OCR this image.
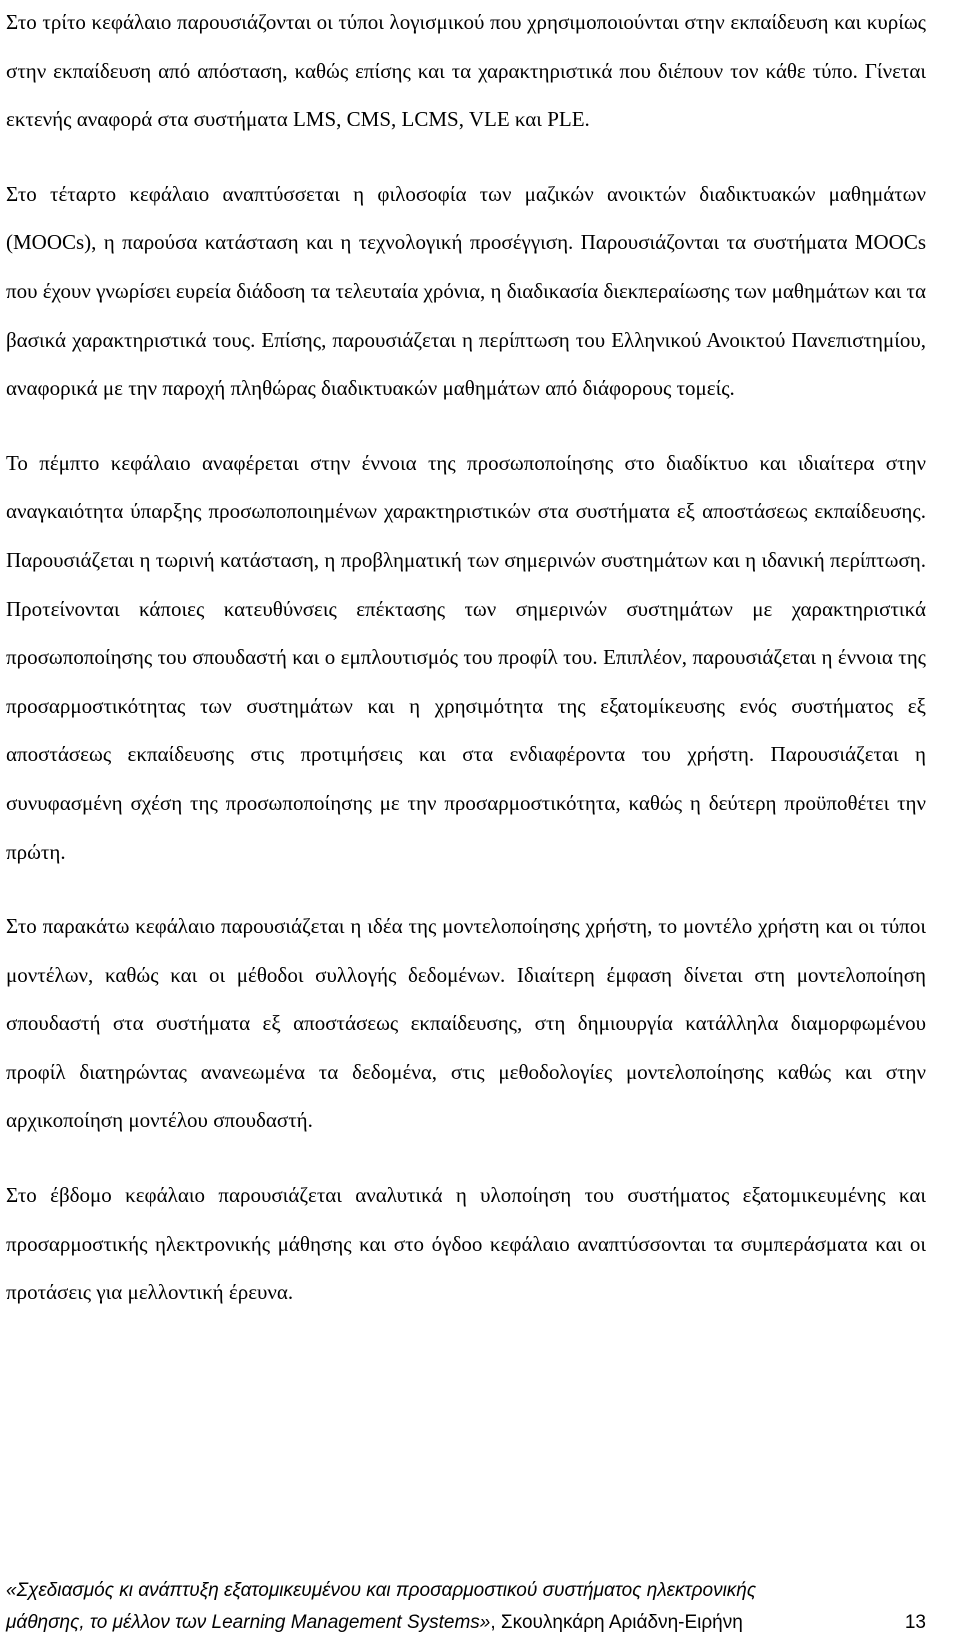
Στο τρίτο κεφάλαιο παρουσιάζονται οι τύποι λογισμικού που χρησιμοποιούνται στην εκπαίδευση και κυρίως στην εκπαίδευση από απόσταση, καθώς επίσης και τα χαρακτηριστικά που διέπουν τον κάθε τύπο. Γίνεται εκτενής αναφορά στα συστήματα LMS, CMS, LCMS, VLE και PLE.

Στο τέταρτο κεφάλαιο αναπτύσσεται η φιλοσοφία των μαζικών ανοικτών διαδικτυακών μαθημάτων (MOOCs), η παρούσα κατάσταση και η τεχνολογική προσέγγιση. Παρουσιάζονται τα συστήματα MOOCs που έχουν γνωρίσει ευρεία διάδοση τα τελευταία χρόνια, η διαδικασία διεκπεραίωσης των μαθημάτων και τα βασικά χαρακτηριστικά τους. Επίσης, παρουσιάζεται η περίπτωση του Ελληνικού Ανοικτού Πανεπιστημίου, αναφορικά με την παροχή πληθώρας διαδικτυακών μαθημάτων από διάφορους τομείς.

Το πέμπτο κεφάλαιο αναφέρεται στην έννοια της προσωποποίησης στο διαδίκτυο και ιδιαίτερα στην αναγκαιότητα ύπαρξης προσωποποιημένων χαρακτηριστικών στα συστήματα εξ αποστάσεως εκπαίδευσης. Παρουσιάζεται η τωρινή κατάσταση, η προβληματική των σημερινών συστημάτων και η ιδανική περίπτωση. Προτείνονται κάποιες κατευθύνσεις επέκτασης των σημερινών συστημάτων με χαρακτηριστικά προσωποποίησης του σπουδαστή και ο εμπλουτισμός του προφίλ του. Επιπλέον, παρουσιάζεται η έννοια της προσαρμοστικότητας των συστημάτων και η χρησιμότητα της εξατομίκευσης ενός συστήματος εξ αποστάσεως εκπαίδευσης στις προτιμήσεις και στα ενδιαφέροντα του χρήστη. Παρουσιάζεται η συνυφασμένη σχέση της προσωποποίησης με την προσαρμοστικότητα, καθώς η δεύτερη προϋποθέτει την πρώτη.

Στο παρακάτω κεφάλαιο παρουσιάζεται η ιδέα της μοντελοποίησης χρήστη, το μοντέλο χρήστη και οι τύποι μοντέλων, καθώς και οι μέθοδοι συλλογής δεδομένων. Ιδιαίτερη έμφαση δίνεται στη μοντελοποίηση σπουδαστή στα συστήματα εξ αποστάσεως εκπαίδευσης, στη δημιουργία κατάλληλα διαμορφωμένου προφίλ διατηρώντας ανανεωμένα τα δεδομένα, στις μεθοδολογίες μοντελοποίησης καθώς και στην αρχικοποίηση μοντέλου σπουδαστή.

Στο έβδομο κεφάλαιο παρουσιάζεται αναλυτικά η υλοποίηση του συστήματος εξατομικευμένης και προσαρμοστικής ηλεκτρονικής μάθησης και στο όγδοο κεφάλαιο αναπτύσσονται τα συμπεράσματα και οι προτάσεις για μελλοντική έρευνα.

«Σχεδιασμός κι ανάπτυξη εξατομικευμένου και προσαρμοστικού συστήματος ηλεκτρονικής
μάθησης, το μέλλον των Learning Management Systems», Σκουληκάρη Αριάδνη-Ειρήνη	13
